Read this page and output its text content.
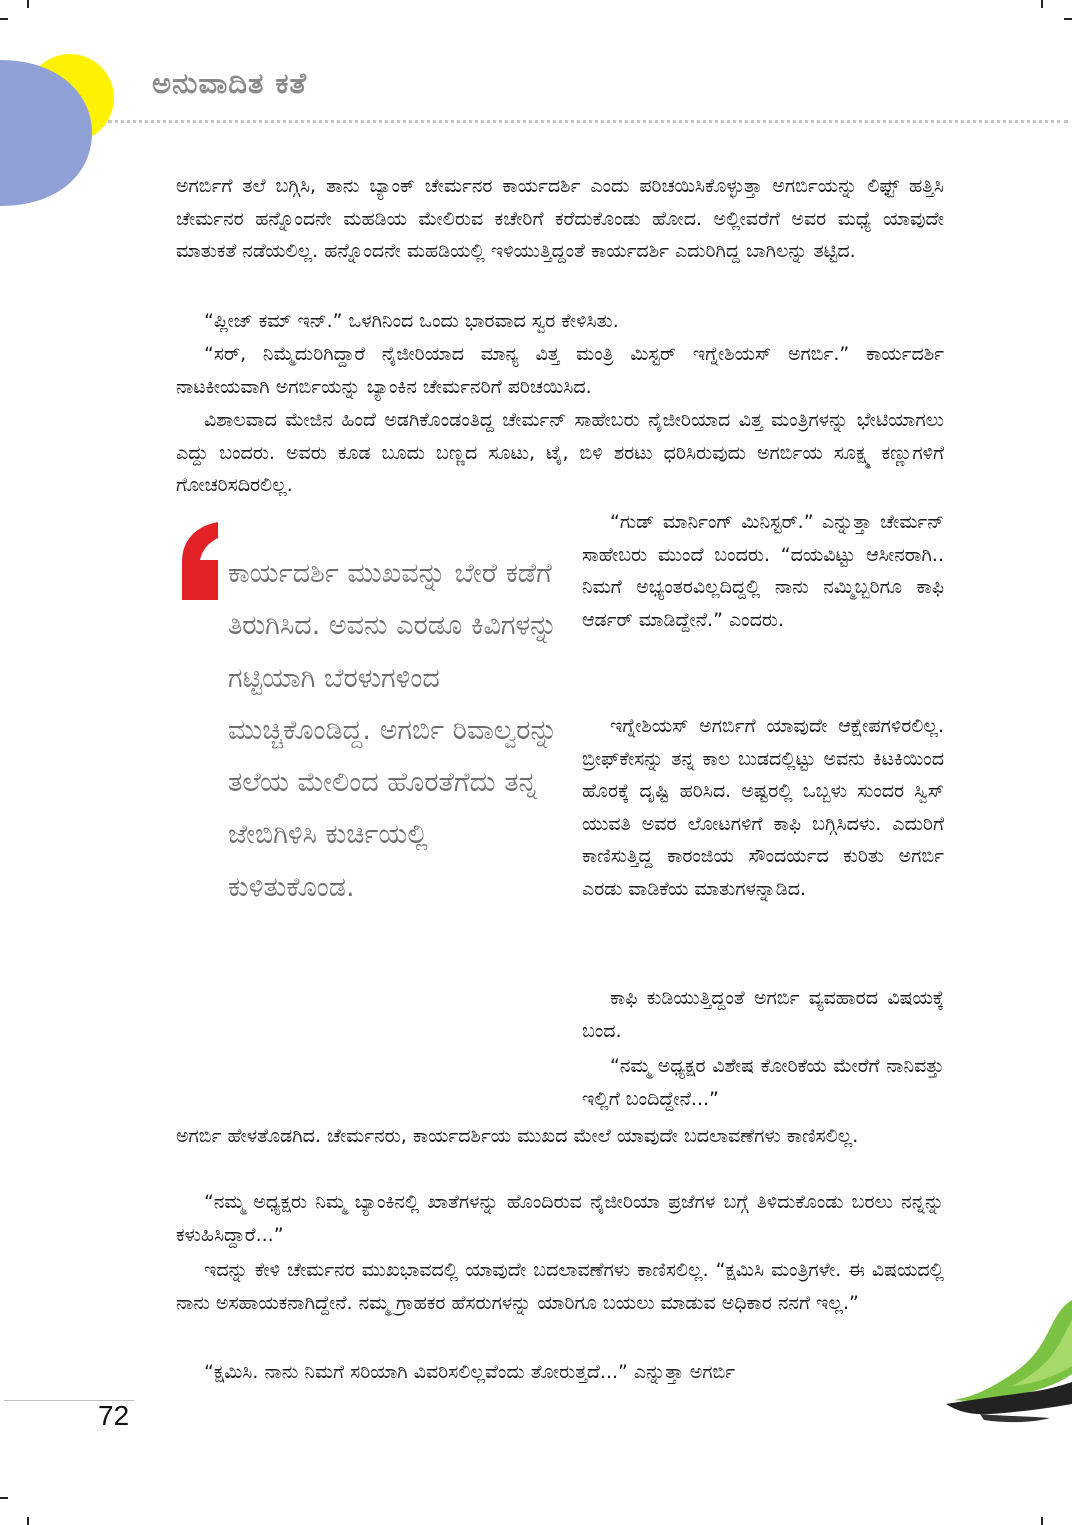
ಅನುವಾದಿತ ಕತೆ

ಅಗರ್ಬಿಗೆ ತಲೆ ಬಗ್ಗಿಸಿ, ತಾನು ಬ್ಯಾಂಕ್ ಚೇರ್ಮನರ ಕಾರ್ಯದರ್ಶಿ ಎಂದು ಪರಿಚಯಿಸಿಕೊಳ್ಳುತ್ತಾ ಅಗರ್ಬಿಯನ್ನು ಲಿಫ್ಟ್ ಹತ್ತಿಸಿ ಚೇರ್ಮನರ ಹನ್ನೊಂದನೇ ಮಹಡಿಯ ಮೇಲಿರುವ ಕಚೇರಿಗೆ ಕರೆದುಕೊಂಡು ಹೋದ. ಅಲ್ಲೀವರೆಗೆ ಅವರ ಮಧ್ಯೆ ಯಾವುದೇ ಮಾತುಕತೆ ನಡೆಯಲಿಲ್ಲ. ಹನ್ನೊಂದನೇ ಮಹಡಿಯಲ್ಲಿ ಇಳಿಯುತ್ತಿದ್ದಂತೆ ಕಾರ್ಯದರ್ಶಿ ಎದುರಿಗಿದ್ದ ಬಾಗಿಲನ್ನು ತಟ್ಟಿದ.

“ಪ್ಲೀಜ್ ಕಮ್ ಇನ್.” ಒಳಗಿನಿಂದ ಒಂದು ಭಾರವಾದ ಸ್ವರ ಕೇಳಿಸಿತು.

“ಸರ್, ನಿಮ್ಮೆದುರಿಗಿದ್ದಾರೆ ನೈಜೀರಿಯಾದ ಮಾನ್ಯ ವಿತ್ತ ಮಂತ್ರಿ ಮಿಸ್ಟರ್ ಇಗ್ನೇಶಿಯಸ್ ಅಗರ್ಬಿ.” ಕಾರ್ಯದರ್ಶಿ ನಾಟಕೀಯವಾಗಿ ಅಗರ್ಬಿಯನ್ನು ಬ್ಯಾಂಕಿನ ಚೇರ್ಮನರಿಗೆ ಪರಿಚಯಿಸಿದ.

ವಿಶಾಲವಾದ ಮೇಜಿನ ಹಿಂದೆ ಅಡಗಿಕೊಂಡಂತಿದ್ದ ಚೇರ್ಮನ್ ಸಾಹೇಬರು ನೈಜೀರಿಯಾದ ವಿತ್ತ ಮಂತ್ರಿಗಳನ್ನು ಭೇಟಿಯಾಗಲು ಎದ್ದು ಬಂದರು. ಅವರು ಕೂಡ ಬೂದು ಬಣ್ಣದ ಸೂಟು, ಟೈ, ಬಿಳಿ ಶರಟು ಧರಿಸಿರುವುದು ಅಗರ್ಬಿಯ ಸೂಕ್ಷ್ಮ ಕಣ್ಣುಗಳಿಗೆ ಗೋಚರಿಸದಿರಲಿಲ್ಲ.

ಕಾರ್ಯದರ್ಶಿ ಮುಖವನ್ನು ಬೇರೆ ಕಡೆಗೆ ತಿರುಗಿಸಿದ. ಅವನು ಎರಡೂ ಕಿವಿಗಳನ್ನು ಗಟ್ಟಿಯಾಗಿ ಬೆರಳುಗಳಿಂದ ಮುಚ್ಚಿಕೊಂಡಿದ್ದ. ಅಗರ್ಬಿ ರಿವಾಲ್ವರನ್ನು ತಲೆಯ ಮೇಲಿಂದ ಹೊರತೆಗೆದು ತನ್ನ ಜೇಬಿಗಿಳಿಸಿ ಕುರ್ಚಿಯಲ್ಲಿ ಕುಳಿತುಕೊಂಡ.

“ಗುಡ್ ಮಾರ್ನಿಂಗ್ ಮಿನಿಸ್ಟರ್.” ಎನ್ನುತ್ತಾ ಚೇರ್ಮನ್ ಸಾಹೇಬರು ಮುಂದೆ ಬಂದರು. “ದಯವಿಟ್ಟು ಆಸೀನರಾಗಿ.. ನಿಮಗೆ ಅಭ್ಯಂತರವಿಲ್ಲದಿದ್ದಲ್ಲಿ ನಾನು ನಮ್ಮಿಬ್ಬರಿಗೂ ಕಾಫಿ ಆರ್ಡರ್ ಮಾಡಿದ್ದೇನೆ.” ಎಂದರು.

ಇಗ್ನೇಶಿಯಸ್ ಅಗರ್ಬಿಗೆ ಯಾವುದೇ ಆಕ್ಷೇಪಗಳಿರಲಿಲ್ಲ. ಬ್ರೀಫ್‌ಕೇಸನ್ನು ತನ್ನ ಕಾಲ ಬುಡದಲ್ಲಿಟ್ಟು ಅವನು ಕಿಟಕಿಯಿಂದ ಹೊರಕ್ಕೆ ದೃಷ್ಟಿ ಹರಿಸಿದ. ಅಷ್ಟರಲ್ಲಿ ಒಬ್ಬಳು ಸುಂದರ ಸ್ವಿಸ್ ಯುವತಿ ಅವರ ಲೋಟಗಳಿಗೆ ಕಾಫಿ ಬಗ್ಗಿಸಿದಳು. ಎದುರಿಗೆ ಕಾಣಿಸುತ್ತಿದ್ದ ಕಾರಂಜಿಯ ಸೌಂದರ್ಯದ ಕುರಿತು ಅಗರ್ಬಿ ಎರಡು ವಾಡಿಕೆಯ ಮಾತುಗಳನ್ನಾಡಿದ.

ಕಾಫಿ ಕುಡಿಯುತ್ತಿದ್ದಂತೆ ಅಗರ್ಬಿ ವ್ಯವಹಾರದ ವಿಷಯಕ್ಕೆ ಬಂದ.

“ನಮ್ಮ ಅಧ್ಯಕ್ಷರ ವಿಶೇಷ ಕೋರಿಕೆಯ ಮೇರೆಗೆ ನಾನಿವತ್ತು ಇಲ್ಲಿಗೆ ಬಂದಿದ್ದೇನೆ...”

ಅಗರ್ಬಿ ಹೇಳತೊಡಗಿದ. ಚೇರ್ಮನರು, ಕಾರ್ಯದರ್ಶಿಯ ಮುಖದ ಮೇಲೆ ಯಾವುದೇ ಬದಲಾವಣೆಗಳು ಕಾಣಿಸಲಿಲ್ಲ.

“ನಮ್ಮ ಅಧ್ಯಕ್ಷರು ನಿಮ್ಮ ಬ್ಯಾಂಕಿನಲ್ಲಿ ಖಾತೆಗಳನ್ನು ಹೊಂದಿರುವ ನೈಜೀರಿಯಾ ಪ್ರಜೆಗಳ ಬಗ್ಗೆ ತಿಳಿದುಕೊಂಡು ಬರಲು ನನ್ನನ್ನು ಕಳುಹಿಸಿದ್ದಾರೆ...”

ಇದನ್ನು ಕೇಳಿ ಚೇರ್ಮನರ ಮುಖಭಾವದಲ್ಲಿ ಯಾವುದೇ ಬದಲಾವಣೆಗಳು ಕಾಣಿಸಲಿಲ್ಲ. “ಕ್ಷಮಿಸಿ ಮಂತ್ರಿಗಳೇ. ಈ ವಿಷಯದಲ್ಲಿ ನಾನು ಅಸಹಾಯಕನಾಗಿದ್ದೇನೆ. ನಮ್ಮ ಗ್ರಾಹಕರ ಹೆಸರುಗಳನ್ನು ಯಾರಿಗೂ ಬಯಲು ಮಾಡುವ ಅಧಿಕಾರ ನನಗೆ ಇಲ್ಲ.”

“ಕ್ಷಮಿಸಿ. ನಾನು ನಿಮಗೆ ಸರಿಯಾಗಿ ವಿವರಿಸಲಿಲ್ಲವೆಂದು ತೋರುತ್ತದೆ...” ಎನ್ನುತ್ತಾ ಅಗರ್ಬಿ

72
